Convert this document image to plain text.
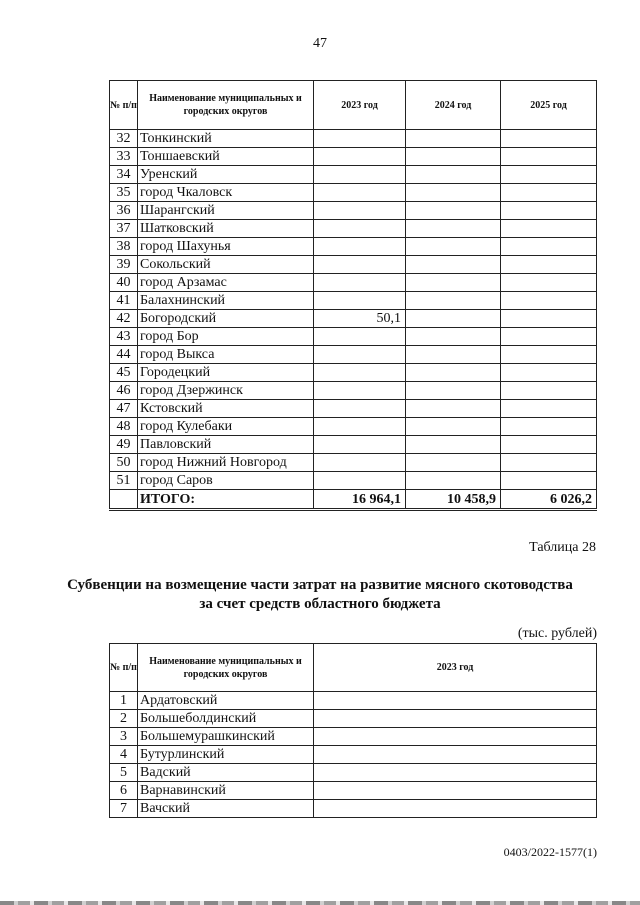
47
№ п/п	Наименование муниципальных и городских округов	2023 год	2024 год	2025 год
32	Тонкинский			
33	Тоншаевский			
34	Уренский			
35	город Чкаловск			
36	Шарангский			
37	Шатковский			
38	город Шахунья			
39	Сокольский			
40	город Арзамас			
41	Балахнинский			
42	Богородский	50,1		
43	город Бор			
44	город Выкса			
45	Городецкий			
46	город Дзержинск			
47	Кстовский			
48	город Кулебаки			
49	Павловский			
50	город Нижний Новгород			
51	город Саров			
	ИТОГО:	16 964,1	10 458,9	6 026,2
Таблица 28
Субвенции на возмещение части затрат на развитие мясного скотоводства за счет средств областного бюджета
(тыс. рублей)
№ п/п	Наименование муниципальных и городских округов	2023 год
1	Ардатовский	
2	Большеболдинский	
3	Большемурашкинский	
4	Бутурлинский	
5	Вадский	
6	Варнавинский	
7	Вачский	
0403/2022-1577(1)
